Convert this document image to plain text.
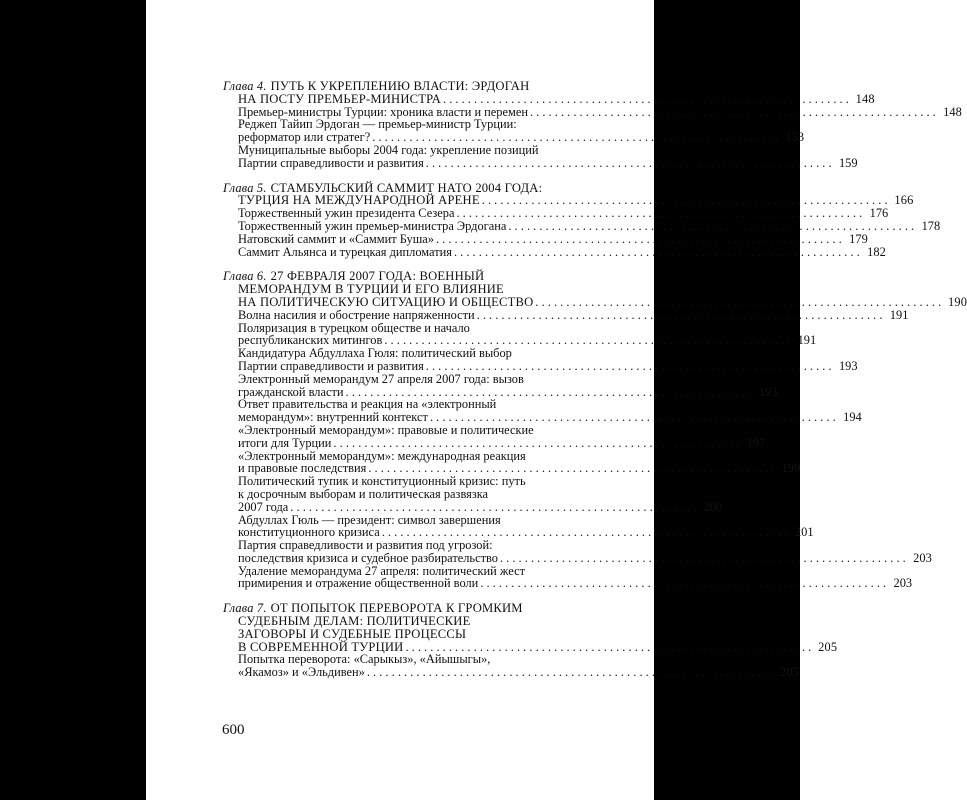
Глава 4. ПУТЬ К УКРЕПЛЕНИЮ ВЛАСТИ: ЭРДОГАН
НА ПОСТУ ПРЕМЬЕР-МИНИСТРА . . .	148
Премьер-министры Турции: хроника власти и перемен . . .	148
Реджеп Тайип Эрдоган — премьер-министр Турции:
реформатор или стратег? . . .	153
Муниципальные выборы 2004 года: укрепление позиций
Партии справедливости и развития . . .	159
Глава 5. СТАМБУЛЬСКИЙ САММИТ НАТО 2004 ГОДА:
ТУРЦИЯ НА МЕЖДУНАРОДНОЙ АРЕНЕ . . .	166
Торжественный ужин президента Сезера . . .	176
Торжественный ужин премьер-министра Эрдогана . . .	178
Натовский саммит и «Саммит Буша» . . .	179
Саммит Альянса и турецкая дипломатия . . .	182
Глава 6. 27 ФЕВРАЛЯ 2007 ГОДА: ВОЕННЫЙ
МЕМОРАНДУМ В ТУРЦИИ И ЕГО ВЛИЯНИЕ
НА ПОЛИТИЧЕСКУЮ СИТУАЦИЮ И ОБЩЕСТВО . . .	190
Волна насилия и обострение напряженности . . .	191
Поляризация в турецком обществе и начало
республиканских митингов . . .	191
Кандидатура Абдуллаха Гюля: политический выбор
Партии справедливости и развития . . .	193
Электронный меморандум 27 апреля 2007 года: вызов
гражданской власти . . .	193
Ответ правительства и реакция на «электронный
меморандум»: внутренний контекст . . .	194
«Электронный меморандум»: правовые и политические
итоги для Турции . . .	197
«Электронный меморандум»: международная реакция
и правовые последствия . . .	199
Политический тупик и конституционный кризис: путь
к досрочным выборам и политическая развязка
2007 года . . .	200
Абдуллах Гюль — президент: символ завершения
конституционного кризиса . . .	201
Партия справедливости и развития под угрозой:
последствия кризиса и судебное разбирательство . . .	203
Удаление меморандума 27 апреля: политический жест
примирения и отражение общественной воли . . .	203
Глава 7. ОТ ПОПЫТОК ПЕРЕВОРОТА К ГРОМКИМ
СУДЕБНЫМ ДЕЛАМ: ПОЛИТИЧЕСКИЕ
ЗАГОВОРЫ И СУДЕБНЫЕ ПРОЦЕССЫ
В СОВРЕМЕННОЙ ТУРЦИИ . . .	205
Попытка переворота: «Сарыкыз», «Айышыгы»,
«Якамоз» и «Эльдивен» . . .	205
600
